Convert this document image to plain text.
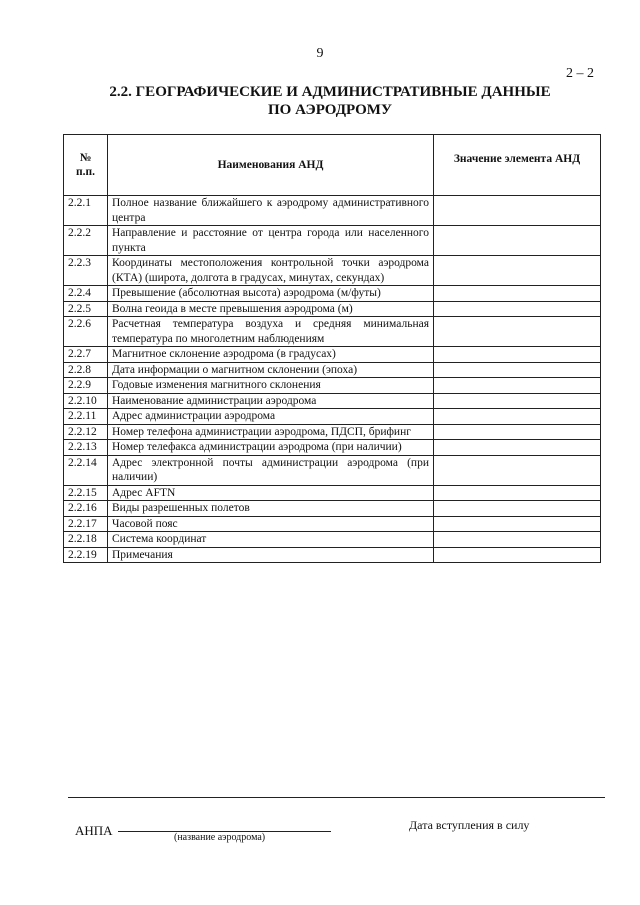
9
2 – 2
2.2. ГЕОГРАФИЧЕСКИЕ И АДМИНИСТРАТИВНЫЕ ДАННЫЕ
ПО АЭРОДРОМУ
№
п.п.	Наименования АНД	Значение элемента АНД
2.2.1	Полное название ближайшего к аэродрому административного центра	
2.2.2	Направление и расстояние от центра города или населенного пункта	
2.2.3	Координаты местоположения контрольной точки аэродрома (КТА) (широта, долгота в градусах, минутах, секундах)	
2.2.4	Превышение (абсолютная высота) аэродрома (м/футы)	
2.2.5	Волна геоида в месте превышения аэродрома (м)	
2.2.6	Расчетная температура воздуха и средняя минимальная температура по многолетним наблюдениям	
2.2.7	Магнитное склонение аэродрома (в градусах)	
2.2.8	Дата информации о магнитном склонении (эпоха)	
2.2.9	Годовые изменения магнитного склонения	
2.2.10	Наименование администрации аэродрома	
2.2.11	Адрес администрации аэродрома	
2.2.12	Номер телефона администрации аэродрома, ПДСП, брифинг	
2.2.13	Номер телефакса администрации аэродрома (при наличии)	
2.2.14	Адрес электронной почты администрации аэродрома (при наличии)	
2.2.15	Адрес AFTN	
2.2.16	Виды разрешенных полетов	
2.2.17	Часовой пояс	
2.2.18	Система координат	
2.2.19	Примечания	
АНПА	(название аэродрома)
Дата вступления в силу
